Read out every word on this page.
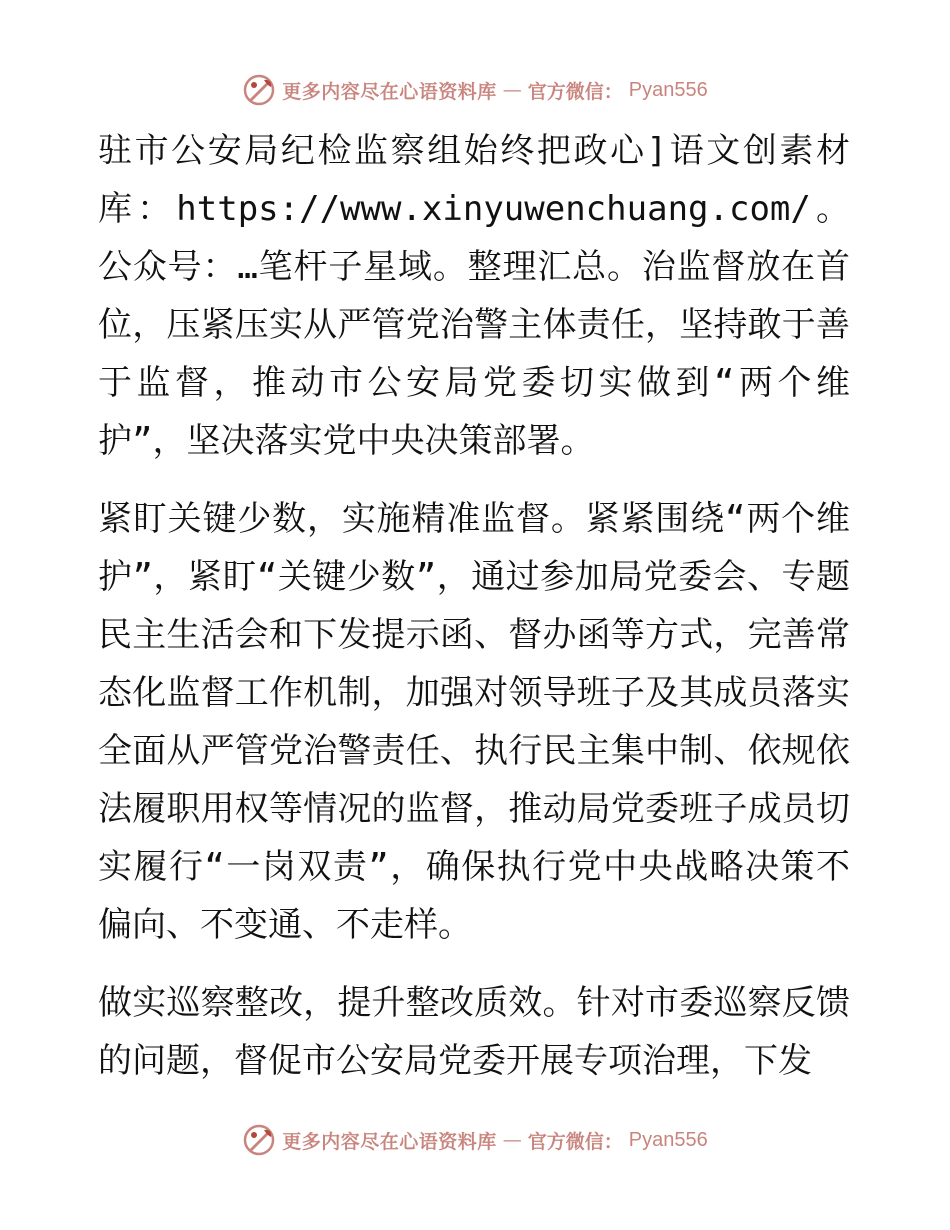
更多内容尽在心语资料库 — 官方微信： Pyan556

驻市公安局纪检监察组始终把政心]语文创素材库：https://www.xinyuwenchuang.com/。公众号：…笔杆子星域。整理汇总。治监督放在首位，压紧压实从严管党治警主体责任，坚持敢于善于监督，推动市公安局党委切实做到“两个维护”，坚决落实党中央决策部署。

紧盯关键少数，实施精准监督。紧紧围绕“两个维护”，紧盯“关键少数”，通过参加局党委会、专题民主生活会和下发提示函、督办函等方式，完善常态化监督工作机制，加强对领导班子及其成员落实全面从严管党治警责任、执行民主集中制、依规依法履职用权等情况的监督，推动局党委班子成员切实履行“一岗双责”，确保执行党中央战略决策不偏向、不变通、不走样。

做实巡察整改，提升整改质效。针对市委巡察反馈的问题，督促市公安局党委开展专项治理，下发

更多内容尽在心语资料库 — 官方微信： Pyan556
